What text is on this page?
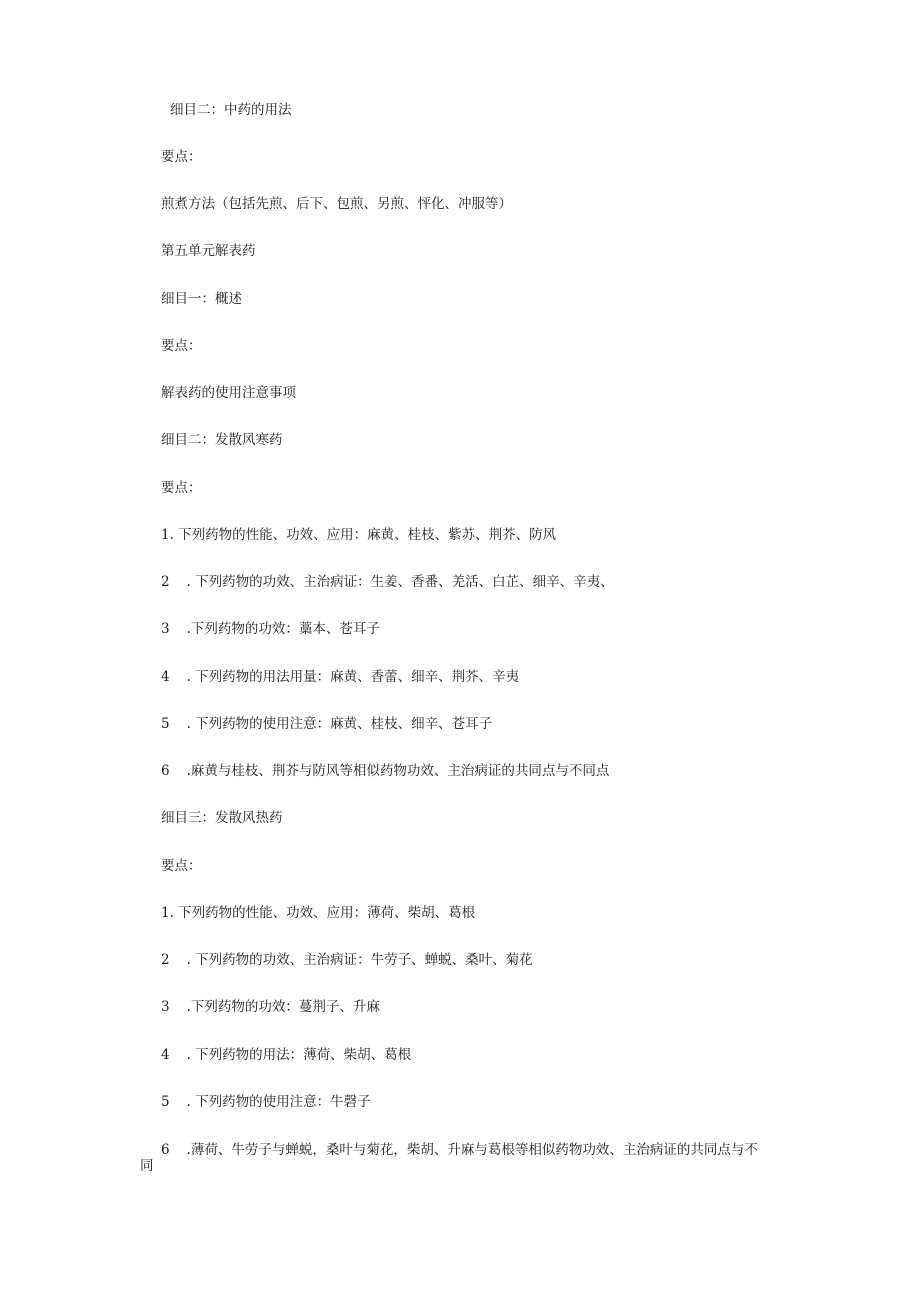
细目二：中药的用法

要点：

煎煮方法（包括先煎、后下、包煎、另煎、怦化、冲服等）

第五单元解表药

细目一：概述

要点：

解表药的使用注意事项

细目二：发散风寒药

要点：

1. 下列药物的性能、功效、应用：麻黄、桂枝、紫苏、荆芥、防风

2 . 下列药物的功效、主治病证：生姜、香番、羌活、白芷、细辛、辛夷、

3 .下列药物的功效：藁本、苍耳子

4 . 下列药物的用法用量：麻黄、香蕾、细辛、荆芥、辛夷

5 . 下列药物的使用注意：麻黄、桂枝、细辛、苍耳子

6 .麻黄与桂枝、荆芥与防风等相似药物功效、主治病证的共同点与不同点

细目三：发散风热药

要点：

1. 下列药物的性能、功效、应用：薄荷、柴胡、葛根

2 . 下列药物的功效、主治病证：牛劳子、蝉蜕、桑叶、菊花

3 .下列药物的功效：蔓荆子、升麻

4 . 下列药物的用法：薄荷、柴胡、葛根

5 . 下列药物的使用注意：牛磬子

6 .薄荷、牛劳子与蝉蜕，桑叶与菊花，柴胡、升麻与葛根等相似药物功效、主治病证的共同点与不

同
